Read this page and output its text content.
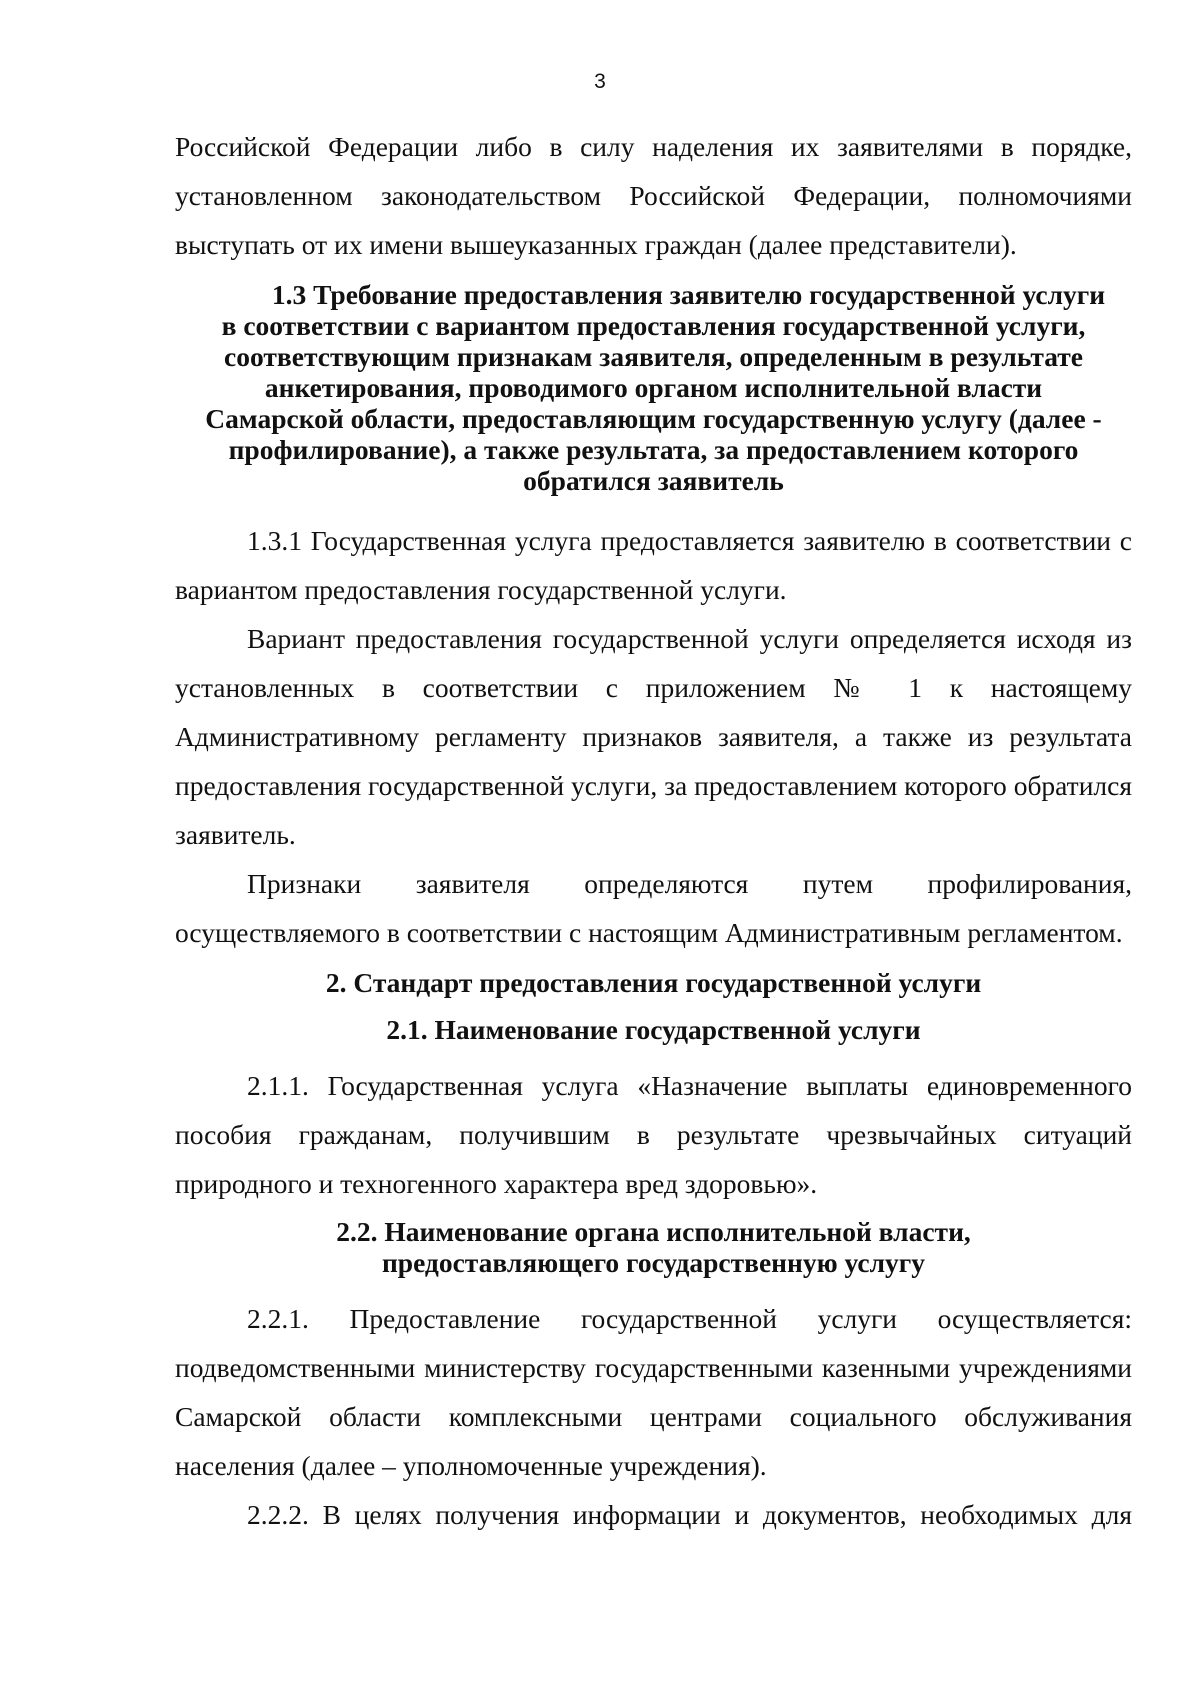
3

Российской Федерации либо в силу наделения их заявителями в порядке, установленном законодательством Российской Федерации, полномочиями выступать от их имени вышеуказанных граждан (далее представители).

1.3 Требование предоставления заявителю государственной услуги
в соответствии с вариантом предоставления государственной услуги,
соответствующим признакам заявителя, определенным в результате
анкетирования, проводимого органом исполнительной власти
Самарской области, предоставляющим государственную услугу (далее -
профилирование), а также результата, за предоставлением которого
обратился заявитель

1.3.1 Государственная услуга предоставляется заявителю в соответствии с вариантом предоставления государственной услуги.

Вариант предоставления государственной услуги определяется исходя из установленных в соответствии с приложением № 1 к настоящему Административному регламенту признаков заявителя, а также из результата предоставления государственной услуги, за предоставлением которого обратился заявитель.

Признаки заявителя определяются путем профилирования, осуществляемого в соответствии с настоящим Административным регламентом.

2. Стандарт предоставления государственной услуги
2.1. Наименование государственной услуги

2.1.1. Государственная услуга «Назначение выплаты единовременного пособия гражданам, получившим в результате чрезвычайных ситуаций природного и техногенного характера вред здоровью».

2.2. Наименование органа исполнительной власти,
предоставляющего государственную услугу

2.2.1. Предоставление государственной услуги осуществляется: подведомственными министерству государственными казенными учреждениями Самарской области комплексными центрами социального обслуживания населения (далее – уполномоченные учреждения).

2.2.2. В целях получения информации и документов, необходимых для
